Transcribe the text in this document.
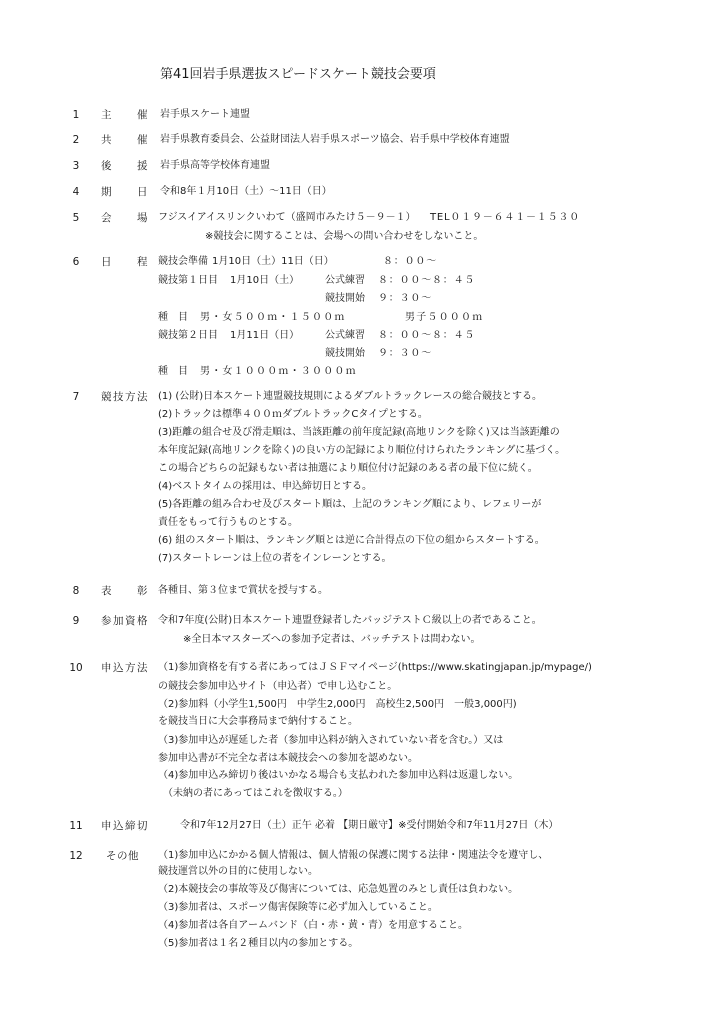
第41回岩手県選抜スピードスケート競技会要項
1	主　　催 岩手県スケート連盟
2	共　　催 岩手県教育委員会、公益財団法人岩手県スポーツ協会、岩手県中学校体育連盟
3	後　　援 岩手県高等学校体育連盟
4	期　　日 令和8年１月10日（土）～11日（日）
5	会　　場 フジスイアイスリンクいわて（盛岡市みたけ５－９－１） TEL０１９－６４１－１５３０
※競技会に関することは、会場への問い合わせをしないこと。
6	日　　程 競技会準備 1月10日（土）11日（日）	８：００～
競技第１日目 1月10日（土）	公式練習 ８：００～８：４５
競技開始 ９：３０～
種　目 男・女５００ｍ・１５００ｍ	男子５０００ｍ
競技第２日目 1月11日（日）	公式練習 ８：００～８：４５
競技開始 ９：３０～
種　目 男・女１０００ｍ・３０００ｍ
7	競技方法 (1) (公財)日本スケート連盟競技規則によるダブルトラックレースの総合競技とする。
(2)トラックは標準４００ｍダブルトラックCタイプとする。
(3)距離の組合せ及び滑走順は、当該距離の前年度記録(高地リンクを除く)又は当該距離の
本年度記録(高地リンクを除く)の良い方の記録により順位付けられたランキングに基づく。
この場合どちらの記録もない者は抽選により順位付け記録のある者の最下位に続く。
(4)ベストタイムの採用は、申込締切日とする。
(5)各距離の組み合わせ及びスタート順は、上記のランキング順により、レフェリーが
責任をもって行うものとする。
(6) 組のスタート順は、ランキング順とは逆に合計得点の下位の組からスタートする。
(7)スタートレーンは上位の者をインレーンとする。
8	表　　彰 各種目、第３位まで賞状を授与する。
9	参加資格 令和7年度(公財)日本スケート連盟登録者したバッジテストＣ級以上の者であること。
※全日本マスターズへの参加予定者は、バッチテストは問わない。
10	申込方法 （1)参加資格を有する者にあってはＪＳＦマイページ(https://www.skatingjapan.jp/mypage/)
の競技会参加申込サイト（申込者）で申し込むこと。
（2)参加料（小学生1,500円　中学生2,000円　高校生2,500円　一般3,000円)
を競技当日に大会事務局まで納付すること。
（3)参加申込が遅延した者（参加申込料が納入されていない者を含む。）又は
参加申込書が不完全な者は本競技会への参加を認めない。
（4)参加申込み締切り後はいかなる場合も支払われた参加申込料は返還しない。
（未納の者にあってはこれを徴収する。）
11	申込締切	令和7年12月27日（土）正午 必着 【期日厳守】※受付開始令和7年11月27日（木）
12	その他 （1)参加申込にかかる個人情報は、個人情報の保護に関する法律・関連法令を遵守し、
競技運営以外の目的に使用しない。
（2)本競技会の事故等及び傷害については、応急処置のみとし責任は負わない。
（3)参加者は、スポーツ傷害保険等に必ず加入していること。
（4)参加者は各自アームバンド（白・赤・黄・青）を用意すること。
（5)参加者は１名２種目以内の参加とする。
